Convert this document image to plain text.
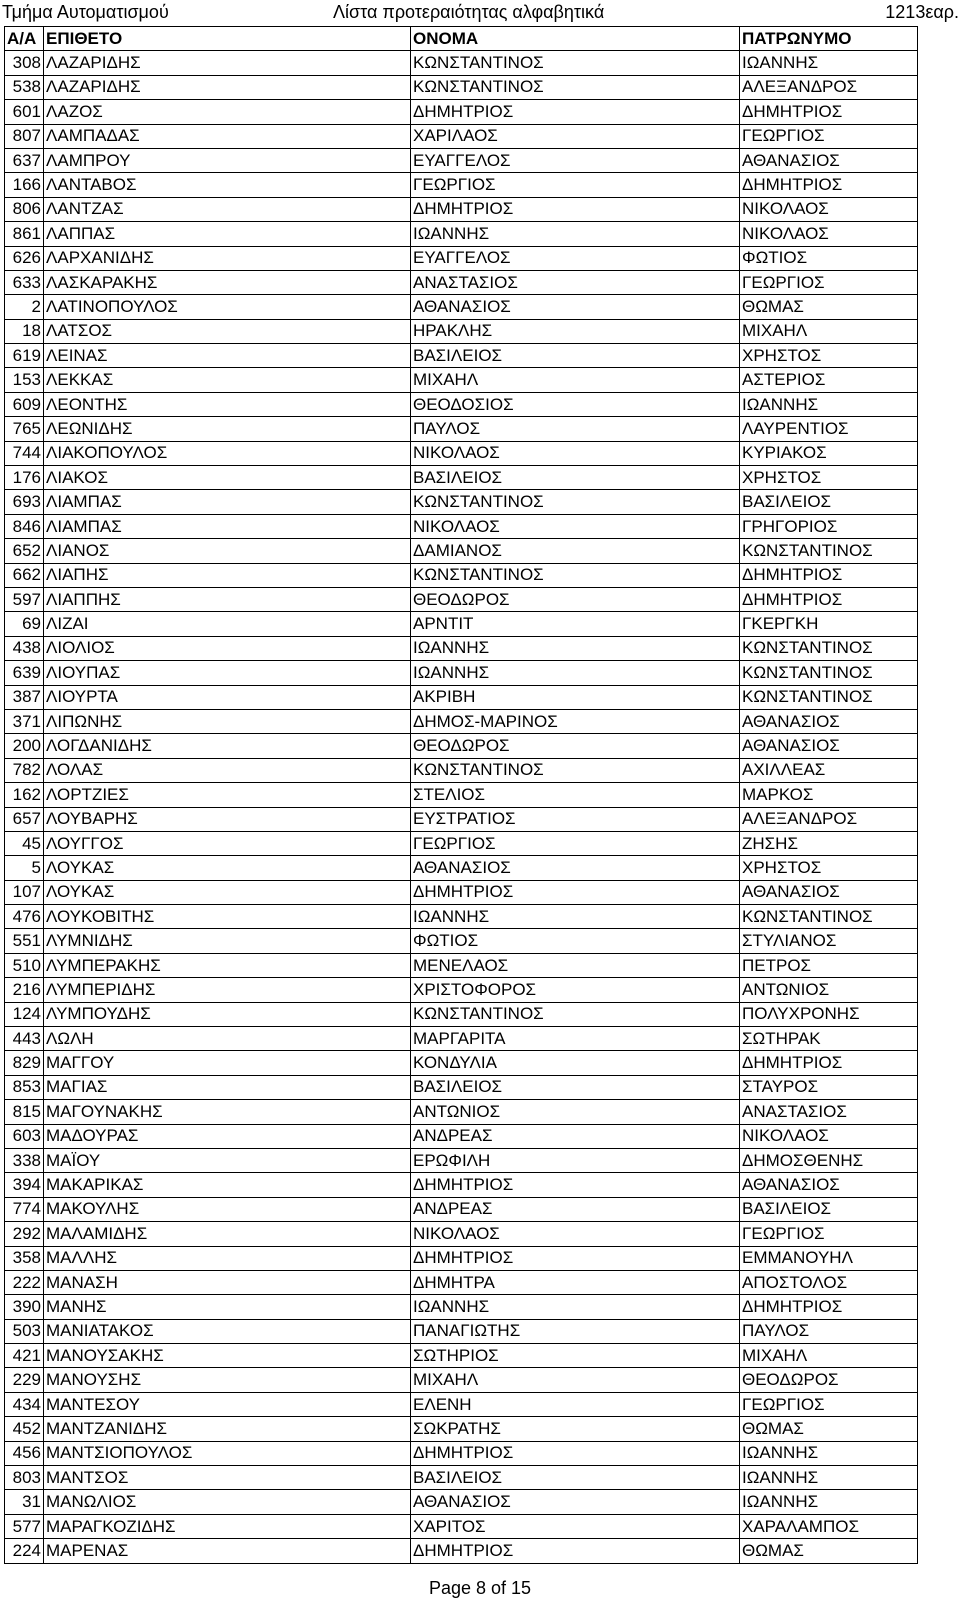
Τμήμα Αυτοματισμού	Λίστα προτεραιότητας αλφαβητικά	1213εαρ.
Α/Α	ΕΠΙΘΕΤΟ	ΟΝΟΜΑ	ΠΑΤΡΩΝΥΜΟ
308	ΛΑΖΑΡΙΔΗΣ	ΚΩΝΣΤΑΝΤΙΝΟΣ	ΙΩΑΝΝΗΣ
538	ΛΑΖΑΡΙΔΗΣ	ΚΩΝΣΤΑΝΤΙΝΟΣ	ΑΛΕΞΑΝΔΡΟΣ
601	ΛΑΖΟΣ	ΔΗΜΗΤΡΙΟΣ	ΔΗΜΗΤΡΙΟΣ
807	ΛΑΜΠΑΔΑΣ	ΧΑΡΙΛΑΟΣ	ΓΕΩΡΓΙΟΣ
637	ΛΑΜΠΡΟΥ	ΕΥΑΓΓΕΛΟΣ	ΑΘΑΝΑΣΙΟΣ
166	ΛΑΝΤΑΒΟΣ	ΓΕΩΡΓΙΟΣ	ΔΗΜΗΤΡΙΟΣ
806	ΛΑΝΤΖΑΣ	ΔΗΜΗΤΡΙΟΣ	ΝΙΚΟΛΑΟΣ
861	ΛΑΠΠΑΣ	ΙΩΑΝΝΗΣ	ΝΙΚΟΛΑΟΣ
626	ΛΑΡΧΑΝΙΔΗΣ	ΕΥΑΓΓΕΛΟΣ	ΦΩΤΙΟΣ
633	ΛΑΣΚΑΡΑΚΗΣ	ΑΝΑΣΤΑΣΙΟΣ	ΓΕΩΡΓΙΟΣ
2	ΛΑΤΙΝΟΠΟΥΛΟΣ	ΑΘΑΝΑΣΙΟΣ	ΘΩΜΑΣ
18	ΛΑΤΣΟΣ	ΗΡΑΚΛΗΣ	ΜΙΧΑΗΛ
619	ΛΕΙΝΑΣ	ΒΑΣΙΛΕΙΟΣ	ΧΡΗΣΤΟΣ
153	ΛΕΚΚΑΣ	ΜΙΧΑΗΛ	ΑΣΤΕΡΙΟΣ
609	ΛΕΟΝΤΗΣ	ΘΕΟΔΟΣΙΟΣ	ΙΩΑΝΝΗΣ
765	ΛΕΩΝΙΔΗΣ	ΠΑΥΛΟΣ	ΛΑΥΡΕΝΤΙΟΣ
744	ΛΙΑΚΟΠΟΥΛΟΣ	ΝΙΚΟΛΑΟΣ	ΚΥΡΙΑΚΟΣ
176	ΛΙΑΚΟΣ	ΒΑΣΙΛΕΙΟΣ	ΧΡΗΣΤΟΣ
693	ΛΙΑΜΠΑΣ	ΚΩΝΣΤΑΝΤΙΝΟΣ	ΒΑΣΙΛΕΙΟΣ
846	ΛΙΑΜΠΑΣ	ΝΙΚΟΛΑΟΣ	ΓΡΗΓΟΡΙΟΣ
652	ΛΙΑΝΟΣ	ΔΑΜΙΑΝΟΣ	ΚΩΝΣΤΑΝΤΙΝΟΣ
662	ΛΙΑΠΗΣ	ΚΩΝΣΤΑΝΤΙΝΟΣ	ΔΗΜΗΤΡΙΟΣ
597	ΛΙΑΠΠΗΣ	ΘΕΟΔΩΡΟΣ	ΔΗΜΗΤΡΙΟΣ
69	ΛΙΖΑΙ	ΑΡΝΤΙΤ	ΓΚΕΡΓΚΗ
438	ΛΙΟΛΙΟΣ	ΙΩΑΝΝΗΣ	ΚΩΝΣΤΑΝΤΙΝΟΣ
639	ΛΙΟΥΠΑΣ	ΙΩΑΝΝΗΣ	ΚΩΝΣΤΑΝΤΙΝΟΣ
387	ΛΙΟΥΡΤΑ	ΑΚΡΙΒΗ	ΚΩΝΣΤΑΝΤΙΝΟΣ
371	ΛΙΠΩΝΗΣ	ΔΗΜΟΣ-ΜΑΡΙΝΟΣ	ΑΘΑΝΑΣΙΟΣ
200	ΛΟΓΔΑΝΙΔΗΣ	ΘΕΟΔΩΡΟΣ	ΑΘΑΝΑΣΙΟΣ
782	ΛΟΛΑΣ	ΚΩΝΣΤΑΝΤΙΝΟΣ	ΑΧΙΛΛΕΑΣ
162	ΛΟΡΤΖΙΕΣ	ΣΤΕΛΙΟΣ	ΜΑΡΚΟΣ
657	ΛΟΥΒΑΡΗΣ	ΕΥΣΤΡΑΤΙΟΣ	ΑΛΕΞΑΝΔΡΟΣ
45	ΛΟΥΓΓΟΣ	ΓΕΩΡΓΙΟΣ	ΖΗΣΗΣ
5	ΛΟΥΚΑΣ	ΑΘΑΝΑΣΙΟΣ	ΧΡΗΣΤΟΣ
107	ΛΟΥΚΑΣ	ΔΗΜΗΤΡΙΟΣ	ΑΘΑΝΑΣΙΟΣ
476	ΛΟΥΚΟΒΙΤΗΣ	ΙΩΑΝΝΗΣ	ΚΩΝΣΤΑΝΤΙΝΟΣ
551	ΛΥΜΝΙΔΗΣ	ΦΩΤΙΟΣ	ΣΤΥΛΙΑΝΟΣ
510	ΛΥΜΠΕΡΑΚΗΣ	ΜΕΝΕΛΑΟΣ	ΠΕΤΡΟΣ
216	ΛΥΜΠΕΡΙΔΗΣ	ΧΡΙΣΤΟΦΟΡΟΣ	ΑΝΤΩΝΙΟΣ
124	ΛΥΜΠΟΥΔΗΣ	ΚΩΝΣΤΑΝΤΙΝΟΣ	ΠΟΛΥΧΡΟΝΗΣ
443	ΛΩΛΗ	ΜΑΡΓΑΡΙΤΑ	ΣΩΤΗΡΑΚ
829	ΜΑΓΓΟΥ	ΚΟΝΔΥΛΙΑ	ΔΗΜΗΤΡΙΟΣ
853	ΜΑΓΙΑΣ	ΒΑΣΙΛΕΙΟΣ	ΣΤΑΥΡΟΣ
815	ΜΑΓΟΥΝΑΚΗΣ	ΑΝΤΩΝΙΟΣ	ΑΝΑΣΤΑΣΙΟΣ
603	ΜΑΔΟΥΡΑΣ	ΑΝΔΡΕΑΣ	ΝΙΚΟΛΑΟΣ
338	ΜΑΪΟΥ	ΕΡΩΦΙΛΗ	ΔΗΜΟΣΘΕΝΗΣ
394	ΜΑΚΑΡΙΚΑΣ	ΔΗΜΗΤΡΙΟΣ	ΑΘΑΝΑΣΙΟΣ
774	ΜΑΚΟΥΛΗΣ	ΑΝΔΡΕΑΣ	ΒΑΣΙΛΕΙΟΣ
292	ΜΑΛΑΜΙΔΗΣ	ΝΙΚΟΛΑΟΣ	ΓΕΩΡΓΙΟΣ
358	ΜΑΛΛΗΣ	ΔΗΜΗΤΡΙΟΣ	ΕΜΜΑΝΟΥΗΛ
222	ΜΑΝΑΣΗ	ΔΗΜΗΤΡΑ	ΑΠΟΣΤΟΛΟΣ
390	ΜΑΝΗΣ	ΙΩΑΝΝΗΣ	ΔΗΜΗΤΡΙΟΣ
503	ΜΑΝΙΑΤΑΚΟΣ	ΠΑΝΑΓΙΩΤΗΣ	ΠΑΥΛΟΣ
421	ΜΑΝΟΥΣΑΚΗΣ	ΣΩΤΗΡΙΟΣ	ΜΙΧΑΗΛ
229	ΜΑΝΟΥΣΗΣ	ΜΙΧΑΗΛ	ΘΕΟΔΩΡΟΣ
434	ΜΑΝΤΕΣΟΥ	ΕΛΕΝΗ	ΓΕΩΡΓΙΟΣ
452	ΜΑΝΤΖΑΝΙΔΗΣ	ΣΩΚΡΑΤΗΣ	ΘΩΜΑΣ
456	ΜΑΝΤΣΙΟΠΟΥΛΟΣ	ΔΗΜΗΤΡΙΟΣ	ΙΩΑΝΝΗΣ
803	ΜΑΝΤΣΟΣ	ΒΑΣΙΛΕΙΟΣ	ΙΩΑΝΝΗΣ
31	ΜΑΝΩΛΙΟΣ	ΑΘΑΝΑΣΙΟΣ	ΙΩΑΝΝΗΣ
577	ΜΑΡΑΓΚΟΖΙΔΗΣ	ΧΑΡΙΤΟΣ	ΧΑΡΑΛΑΜΠΟΣ
224	ΜΑΡΕΝΑΣ	ΔΗΜΗΤΡΙΟΣ	ΘΩΜΑΣ
Page 8 of 15
